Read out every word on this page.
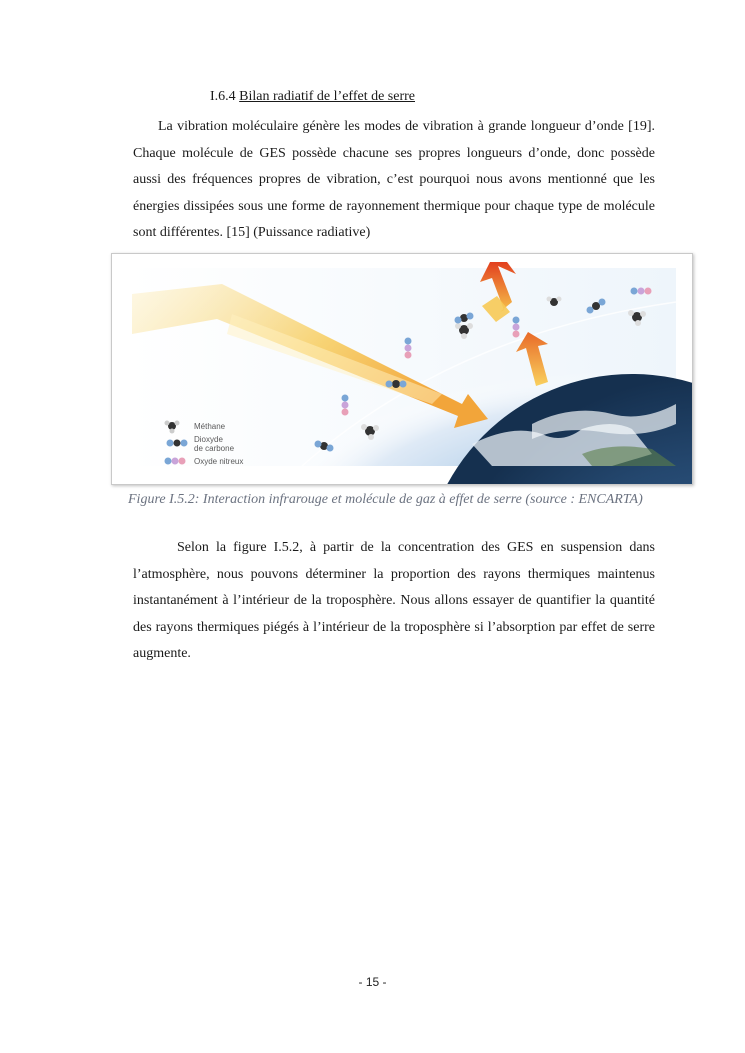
I.6.4 Bilan radiatif de l’effet de serre

La vibration moléculaire génère les modes de vibration à grande longueur d’onde [19]. Chaque molécule de GES possède chacune ses propres longueurs d’onde, donc possède aussi des fréquences propres de vibration, c’est pourquoi nous avons mentionné que les énergies dissipées sous une forme de rayonnement thermique pour chaque type de molécule sont différentes. [15] (Puissance radiative)

Méthane
Dioxyde
de carbone
Oxyde nitreux
Figure I.5.2: Interaction infrarouge et molécule de gaz à effet de serre (source : ENCARTA)

Selon la figure I.5.2, à partir de la concentration des GES en suspension dans l’atmosphère, nous pouvons déterminer la proportion des rayons thermiques maintenus instantanément à l’intérieur de la troposphère. Nous allons essayer de quantifier la quantité des rayons thermiques piégés à l’intérieur de la troposphère si l’absorption par effet de serre augmente.

- 15 -
